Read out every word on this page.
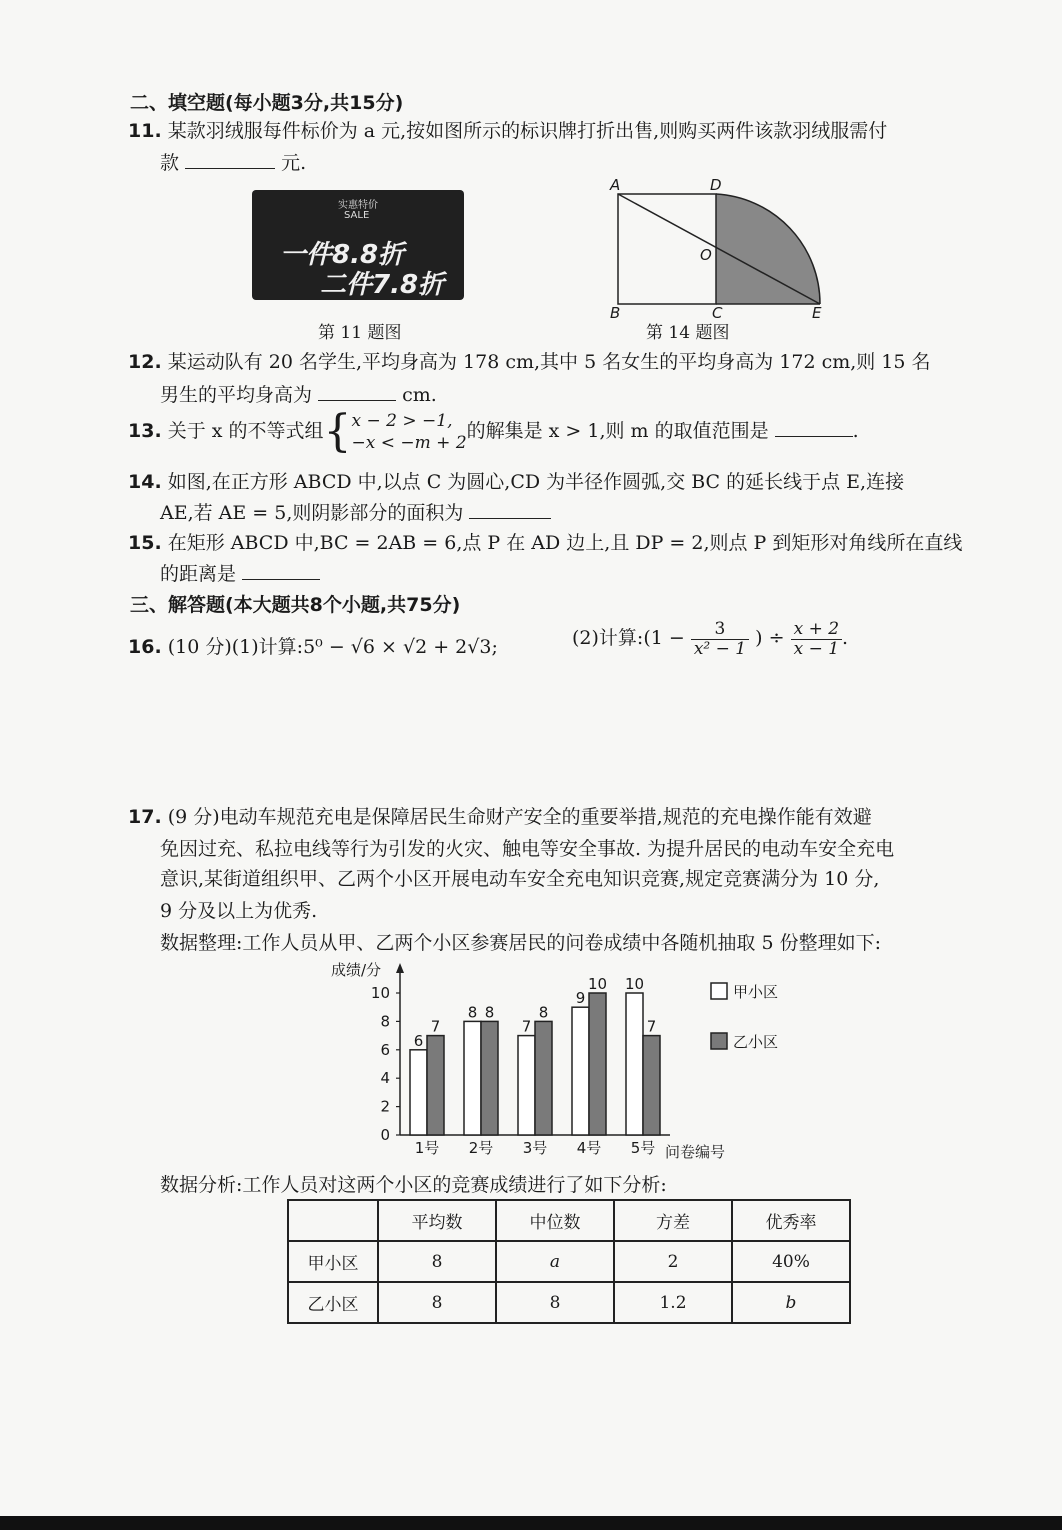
二、填空题(每小题3分,共15分)
11. 某款羽绒服每件标价为 a 元,按如图所示的标识牌打折出售,则购买两件该款羽绒服需付
款	元.
实惠特价
SALE
一件8.8折
二件7.8折
第 11 题图
A	D
O
B	C	E
第 14 题图
12. 某运动队有 20 名学生,平均身高为 178 cm,其中 5 名女生的平均身高为 172 cm,则 15 名
男生的平均身高为	cm.
13. 关于 x 的不等式组{ x − 2 > −1,
−x < −m + 2
的解集是 x > 1,则 m 的取值范围是	.
14. 如图,在正方形 ABCD 中,以点 C 为圆心,CD 为半径作圆弧,交 BC 的延长线于点 E,连接
AE,若 AE = 5,则阴影部分的面积为
15. 在矩形 ABCD 中,BC = 2AB = 6,点 P 在 AD 边上,且 DP = 2,则点 P 到矩形对角线所在直线
的距离是
三、解答题(本大题共8个小题,共75分)
16. (10 分)(1)计算:5⁰ − √6 × √2 + 2√3;	(2)计算:(1 − $\frac{3}{\text{x² − 1}}$ ) ÷ $\frac{x + 2}{x - 1}$ .
17. (9 分)电动车规范充电是保障居民生命财产安全的重要举措,规范的充电操作能有效避
免因过充、私拉电线等行为引发的火灾、触电等安全事故. 为提升居民的电动车安全充电
意识,某街道组织甲、乙两个小区开展电动车安全充电知识竞赛,规定竞赛满分为 10 分,
9 分及以上为优秀.
数据整理:工作人员从甲、乙两个小区参赛居民的问卷成绩中各随机抽取 5 份整理如下:
成绩/分
问卷编号
0
2
4
6
8
10
6
7
1号
8 8
2号
7
8
3号
9
10
4号
10
7
5号
甲小区
乙小区
数据分析:工作人员对这两个小区的竞赛成绩进行了如下分析:
	平均数	中位数	方差	优秀率
甲小区	8	a	2	40%
乙小区	8	8	1.2	b
